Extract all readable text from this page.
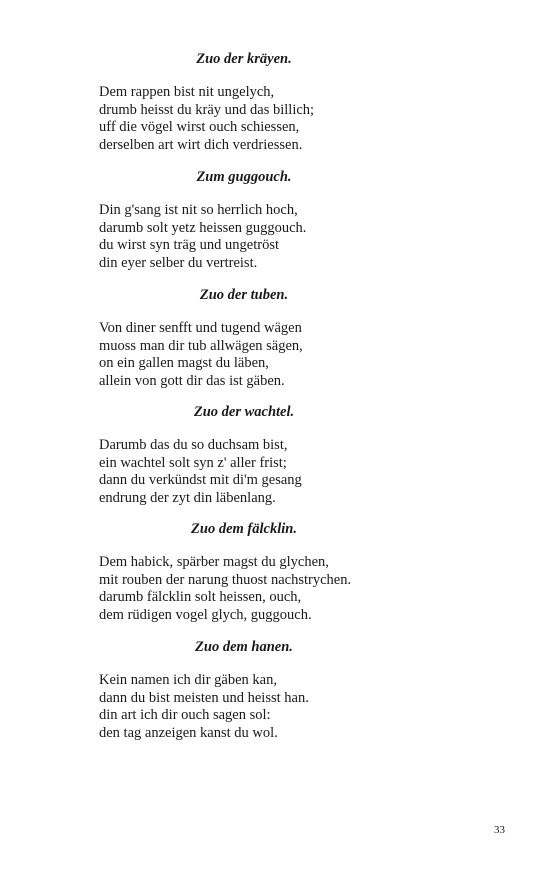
Zuo der kräyen.
Dem rappen bist nit ungelych,
drumb heisst du kräy und das billich;
uff die vögel wirst ouch schiessen,
derselben art wirt dich verdriessen.
Zum guggouch.
Din g'sang ist nit so herrlich hoch,
darumb solt yetz heissen guggouch.
du wirst syn träg und ungetröst
din eyer selber du vertreist.
Zuo der tuben.
Von diner senfft und tugend wägen
muoss man dir tub allwägen sägen,
on ein gallen magst du läben,
allein von gott dir das ist gäben.
Zuo der wachtel.
Darumb das du so duchsam bist,
ein wachtel solt syn z' aller frist;
dann du verkündst mit di'm gesang
endrung der zyt din läbenlang.
Zuo dem fälcklin.
Dem habick, spärber magst du glychen,
mit rouben der narung thuost nachstrychen.
darumb fälcklin solt heissen, ouch,
dem rüdigen vogel glych, guggouch.
Zuo dem hanen.
Kein namen ich dir gäben kan,
dann du bist meisten und heisst han.
din art ich dir ouch sagen sol:
den tag anzeigen kanst du wol.
33
